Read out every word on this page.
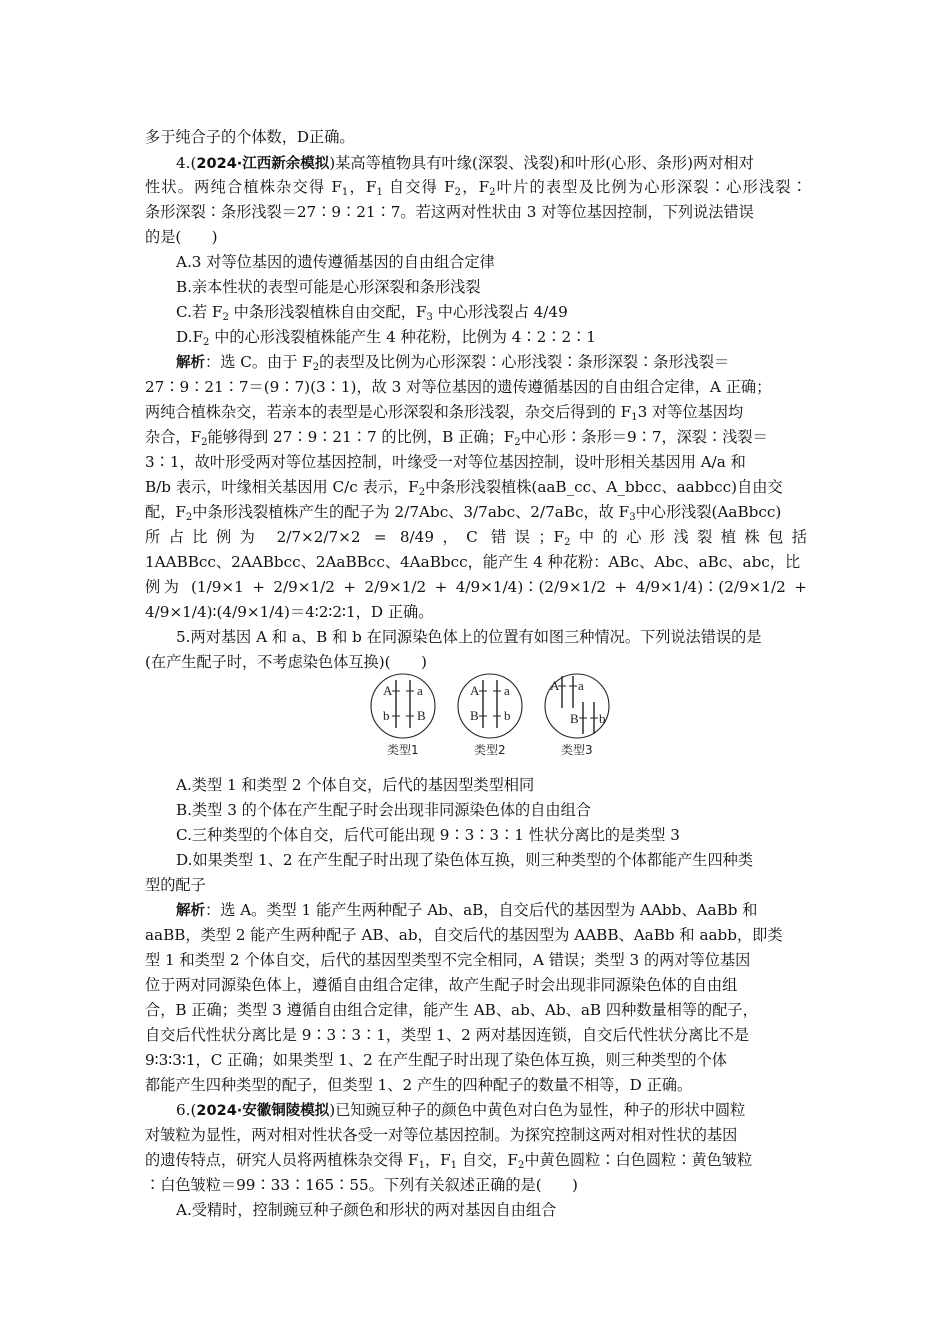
多于纯合子的个体数，D正确。
4.(2024·江西新余模拟)某高等植物具有叶缘(深裂、浅裂)和叶形(心形、条形)两对相对
性状。两纯合植株杂交得 $F_1$，$F_1$ 自交得 $F_2$，$F_2$叶片的表型及比例为心形深裂∶心形浅裂∶
条形深裂∶条形浅裂＝27∶9∶21∶7。若这两对性状由 3 对等位基因控制，下列说法错误
的是(　　)
A.3 对等位基因的遗传遵循基因的自由组合定律
B.亲本性状的表型可能是心形深裂和条形浅裂
C.若 $F_2$ 中条形浅裂植株自由交配，$F_3$ 中心形浅裂占 4/49
$D.F_2$ 中的心形浅裂植株能产生 4 种花粉，比例为 4∶2∶2∶1
解析：选 C。由于 $F_2$的表型及比例为心形深裂∶心形浅裂∶条形深裂∶条形浅裂＝
27∶9∶21∶7＝(9∶7)(3∶1)，故 3 对等位基因的遗传遵循基因的自由组合定律，A 正确；
两纯合植株杂交，若亲本的表型是心形深裂和条形浅裂，杂交后得到的 $F_13$ 对等位基因均
杂合，$F_2$能够得到 27∶9∶21∶7 的比例，B 正确；$F_2$中心形∶条形＝9∶7，深裂∶浅裂＝
3∶1，故叶形受两对等位基因控制，叶缘受一对等位基因控制，设叶形相关基因用 A/a 和
B/b 表示，叶缘相关基因用 C/c 表示，$F_2$中条形浅裂植株(aaB_cc、A_bbcc、aabbcc)自由交
配，$F_2$中条形浅裂植株产生的配子为 2/7Abc、3/7abc、2/7aBc，故 $F_3$中心形浅裂(AaBbcc)
所占比例为 2/7×2/7×2 = 8/49，C 错误；$F_2$中的心形浅裂植株包括
1AABBcc、2AABbcc、2AaBBcc、4AaBbcc，能产生 4 种花粉：ABc、Abc、aBc、abc，比
例为 (1/9×1 + 2/9×1/2 + 2/9×1/2 + 4/9×1/4)∶(2/9×1/2 + 4/9×1/4)∶(2/9×1/2 +
4/9×1/4)∶(4/9×1/4)＝4∶2∶2∶1，D 正确。
5.两对基因 A 和 a、B 和 b 在同源染色体上的位置有如图三种情况。下列说法错误的是
(在产生配子时，不考虑染色体互换)(　　)
A a
b B
类型1
A a
B b
类型2
A a
B b
类型3
A.类型 1 和类型 2 个体自交，后代的基因型类型相同
B.类型 3 的个体在产生配子时会出现非同源染色体的自由组合
C.三种类型的个体自交，后代可能出现 9∶3∶3∶1 性状分离比的是类型 3
D.如果类型 1、2 在产生配子时出现了染色体互换，则三种类型的个体都能产生四种类
型的配子
解析：选 A。类型 1 能产生两种配子 Ab、aB，自交后代的基因型为 AAbb、AaBb 和
aaBB，类型 2 能产生两种配子 AB、ab，自交后代的基因型为 AABB、AaBb 和 aabb，即类
型 1 和类型 2 个体自交，后代的基因型类型不完全相同，A 错误；类型 3 的两对等位基因
位于两对同源染色体上，遵循自由组合定律，故产生配子时会出现非同源染色体的自由组
合，B 正确；类型 3 遵循自由组合定律，能产生 AB、ab、Ab、aB 四种数量相等的配子，
自交后代性状分离比是 9∶3∶3∶1，类型 1、2 两对基因连锁，自交后代性状分离比不是
9∶3∶3∶1，C 正确；如果类型 1、2 在产生配子时出现了染色体互换，则三种类型的个体
都能产生四种类型的配子，但类型 1、2 产生的四种配子的数量不相等，D 正确。
6.(2024·安徽铜陵模拟)已知豌豆种子的颜色中黄色对白色为显性，种子的形状中圆粒
对皱粒为显性，两对相对性状各受一对等位基因控制。为探究控制这两对相对性状的基因
的遗传特点，研究人员将两植株杂交得 $F_1$，$F_1$ 自交，$F_2$中黄色圆粒∶白色圆粒∶黄色皱粒
∶白色皱粒＝99∶33∶165∶55。下列有关叙述正确的是(　　)
A.受精时，控制豌豆种子颜色和形状的两对基因自由组合
